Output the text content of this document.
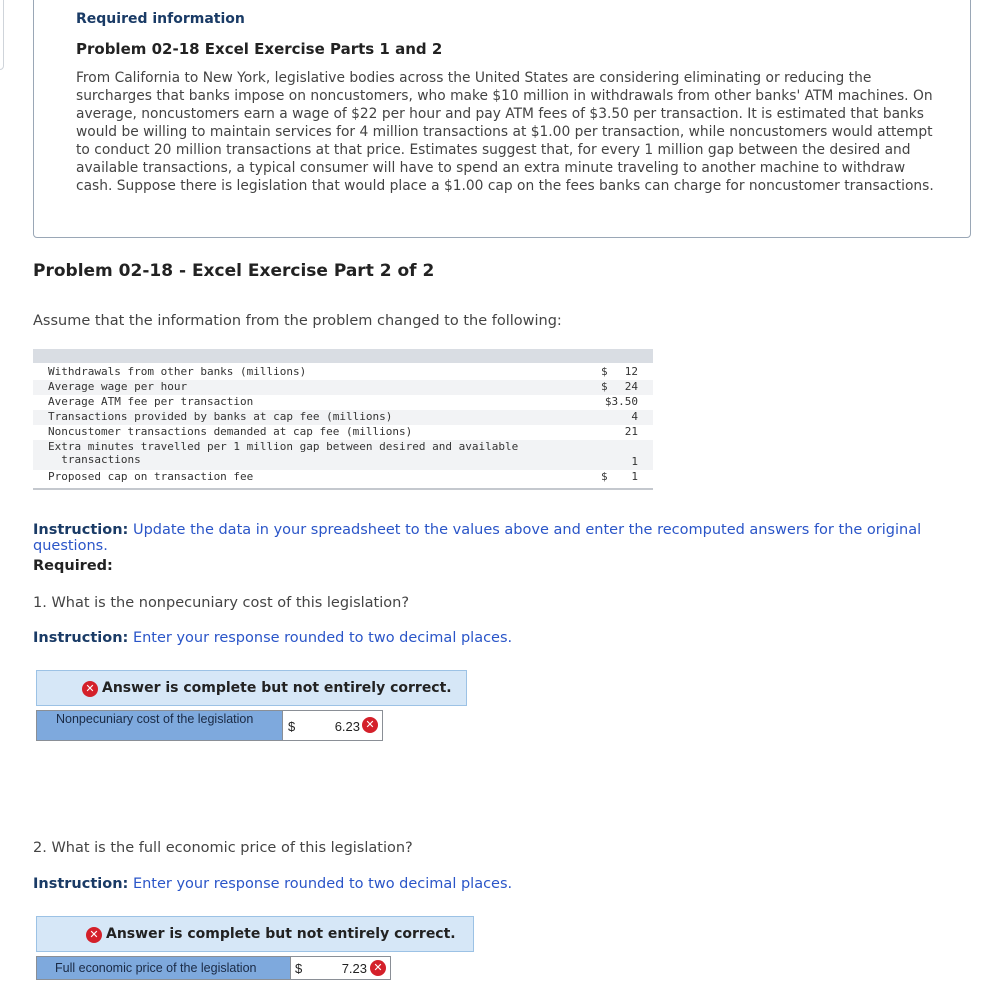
Required information
Problem 02-18 Excel Exercise Parts 1 and 2
From California to New York, legislative bodies across the United States are considering eliminating or reducing the surcharges that banks impose on noncustomers, who make $10 million in withdrawals from other banks' ATM machines. On average, noncustomers earn a wage of $22 per hour and pay ATM fees of $3.50 per transaction. It is estimated that banks would be willing to maintain services for 4 million transactions at $1.00 per transaction, while noncustomers would attempt to conduct 20 million transactions at that price. Estimates suggest that, for every 1 million gap between the desired and available transactions, a typical consumer will have to spend an extra minute traveling to another machine to withdraw cash. Suppose there is legislation that would place a $1.00 cap on the fees banks can charge for noncustomer transactions.
Problem 02-18 - Excel Exercise Part 2 of 2
Assume that the information from the problem changed to the following:
Withdrawals from other banks (millions)	$ 12
Average wage per hour	$ 24
Average ATM fee per transaction	$3.50
Transactions provided by banks at cap fee (millions)	4
Noncustomer transactions demanded at cap fee (millions)	21
Extra minutes travelled per 1 million gap between desired and available
transactions	1
Proposed cap on transaction fee	$ 1
Instruction: Update the data in your spreadsheet to the values above and enter the recomputed answers for the original questions.
Required:
1. What is the nonpecuniary cost of this legislation?
Instruction: Enter your response rounded to two decimal places.
✕ Answer is complete but not entirely correct.
Nonpecuniary cost of the legislation	$	6.23 ✕
2. What is the full economic price of this legislation?
Instruction: Enter your response rounded to two decimal places.
✕ Answer is complete but not entirely correct.
Full economic price of the legislation	$	7.23 ✕
